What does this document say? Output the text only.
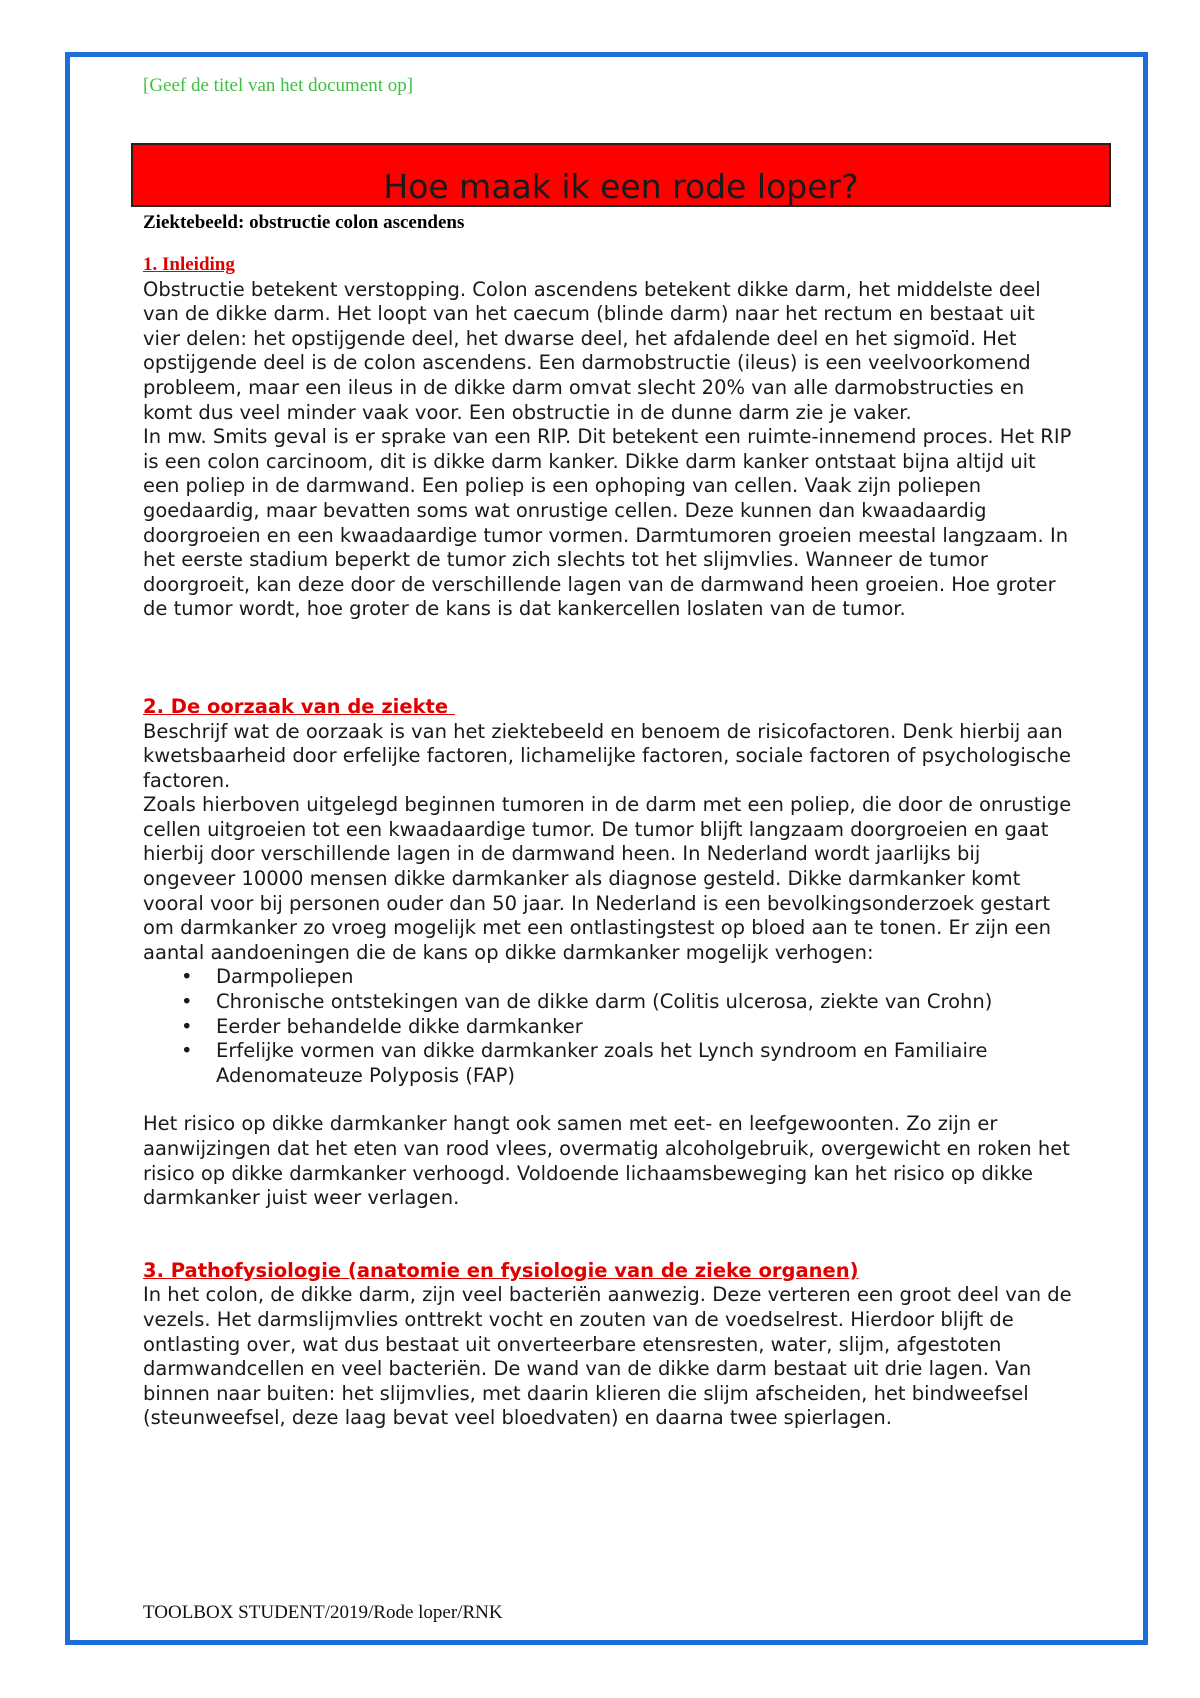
[Geef de titel van het document op]
Hoe maak ik een rode loper?
Ziektebeeld: obstructie colon ascendens

1. Inleiding

Obstructie betekent verstopping. Colon ascendens betekent dikke darm, het middelste deel van de dikke darm. Het loopt van het caecum (blinde darm) naar het rectum en bestaat uit vier delen: het opstijgende deel, het dwarse deel, het afdalende deel en het sigmoïd. Het opstijgende deel is de colon ascendens. Een darmobstructie (ileus) is een veelvoorkomend probleem, maar een ileus in de dikke darm omvat slecht 20% van alle darmobstructies en komt dus veel minder vaak voor. Een obstructie in de dunne darm zie je vaker.

In mw. Smits geval is er sprake van een RIP. Dit betekent een ruimte-innemend proces. Het RIP is een colon carcinoom, dit is dikke darm kanker. Dikke darm kanker ontstaat bijna altijd uit een poliep in de darmwand. Een poliep is een ophoping van cellen. Vaak zijn poliepen goedaardig, maar bevatten soms wat onrustige cellen. Deze kunnen dan kwaadaardig doorgroeien en een kwaadaardige tumor vormen. Darmtumoren groeien meestal langzaam. In het eerste stadium beperkt de tumor zich slechts tot het slijmvlies. Wanneer de tumor doorgroeit, kan deze door de verschillende lagen van de darmwand heen groeien. Hoe groter de tumor wordt, hoe groter de kans is dat kankercellen loslaten van de tumor.

2. De oorzaak van de ziekte

Beschrijf wat de oorzaak is van het ziektebeeld en benoem de risicofactoren. Denk hierbij aan kwetsbaarheid door erfelijke factoren, lichamelijke factoren, sociale factoren of psychologische factoren.

Zoals hierboven uitgelegd beginnen tumoren in de darm met een poliep, die door de onrustige cellen uitgroeien tot een kwaadaardige tumor. De tumor blijft langzaam doorgroeien en gaat hierbij door verschillende lagen in de darmwand heen. In Nederland wordt jaarlijks bij ongeveer 10000 mensen dikke darmkanker als diagnose gesteld. Dikke darmkanker komt vooral voor bij personen ouder dan 50 jaar. In Nederland is een bevolkingsonderzoek gestart om darmkanker zo vroeg mogelijk met een ontlastingstest op bloed aan te tonen. Er zijn een aantal aandoeningen die de kans op dikke darmkanker mogelijk verhogen:

• Darmpoliepen
• Chronische ontstekingen van de dikke darm (Colitis ulcerosa, ziekte van Crohn)
• Eerder behandelde dikke darmkanker
• Erfelijke vormen van dikke darmkanker zoals het Lynch syndroom en Familiaire Adenomateuze Polyposis (FAP)

Het risico op dikke darmkanker hangt ook samen met eet- en leefgewoonten. Zo zijn er aanwijzingen dat het eten van rood vlees, overmatig alcoholgebruik, overgewicht en roken het risico op dikke darmkanker verhoogd. Voldoende lichaamsbeweging kan het risico op dikke darmkanker juist weer verlagen.

3. Pathofysiologie (anatomie en fysiologie van de zieke organen)

In het colon, de dikke darm, zijn veel bacteriën aanwezig. Deze verteren een groot deel van de vezels. Het darmslijmvlies onttrekt vocht en zouten van de voedselrest. Hierdoor blijft de ontlasting over, wat dus bestaat uit onverteerbare etensresten, water, slijm, afgestoten darmwandcellen en veel bacteriën. De wand van de dikke darm bestaat uit drie lagen. Van binnen naar buiten: het slijmvlies, met daarin klieren die slijm afscheiden, het bindweefsel (steunweefsel, deze laag bevat veel bloedvaten) en daarna twee spierlagen.

TOOLBOX STUDENT/2019/Rode loper/RNK
